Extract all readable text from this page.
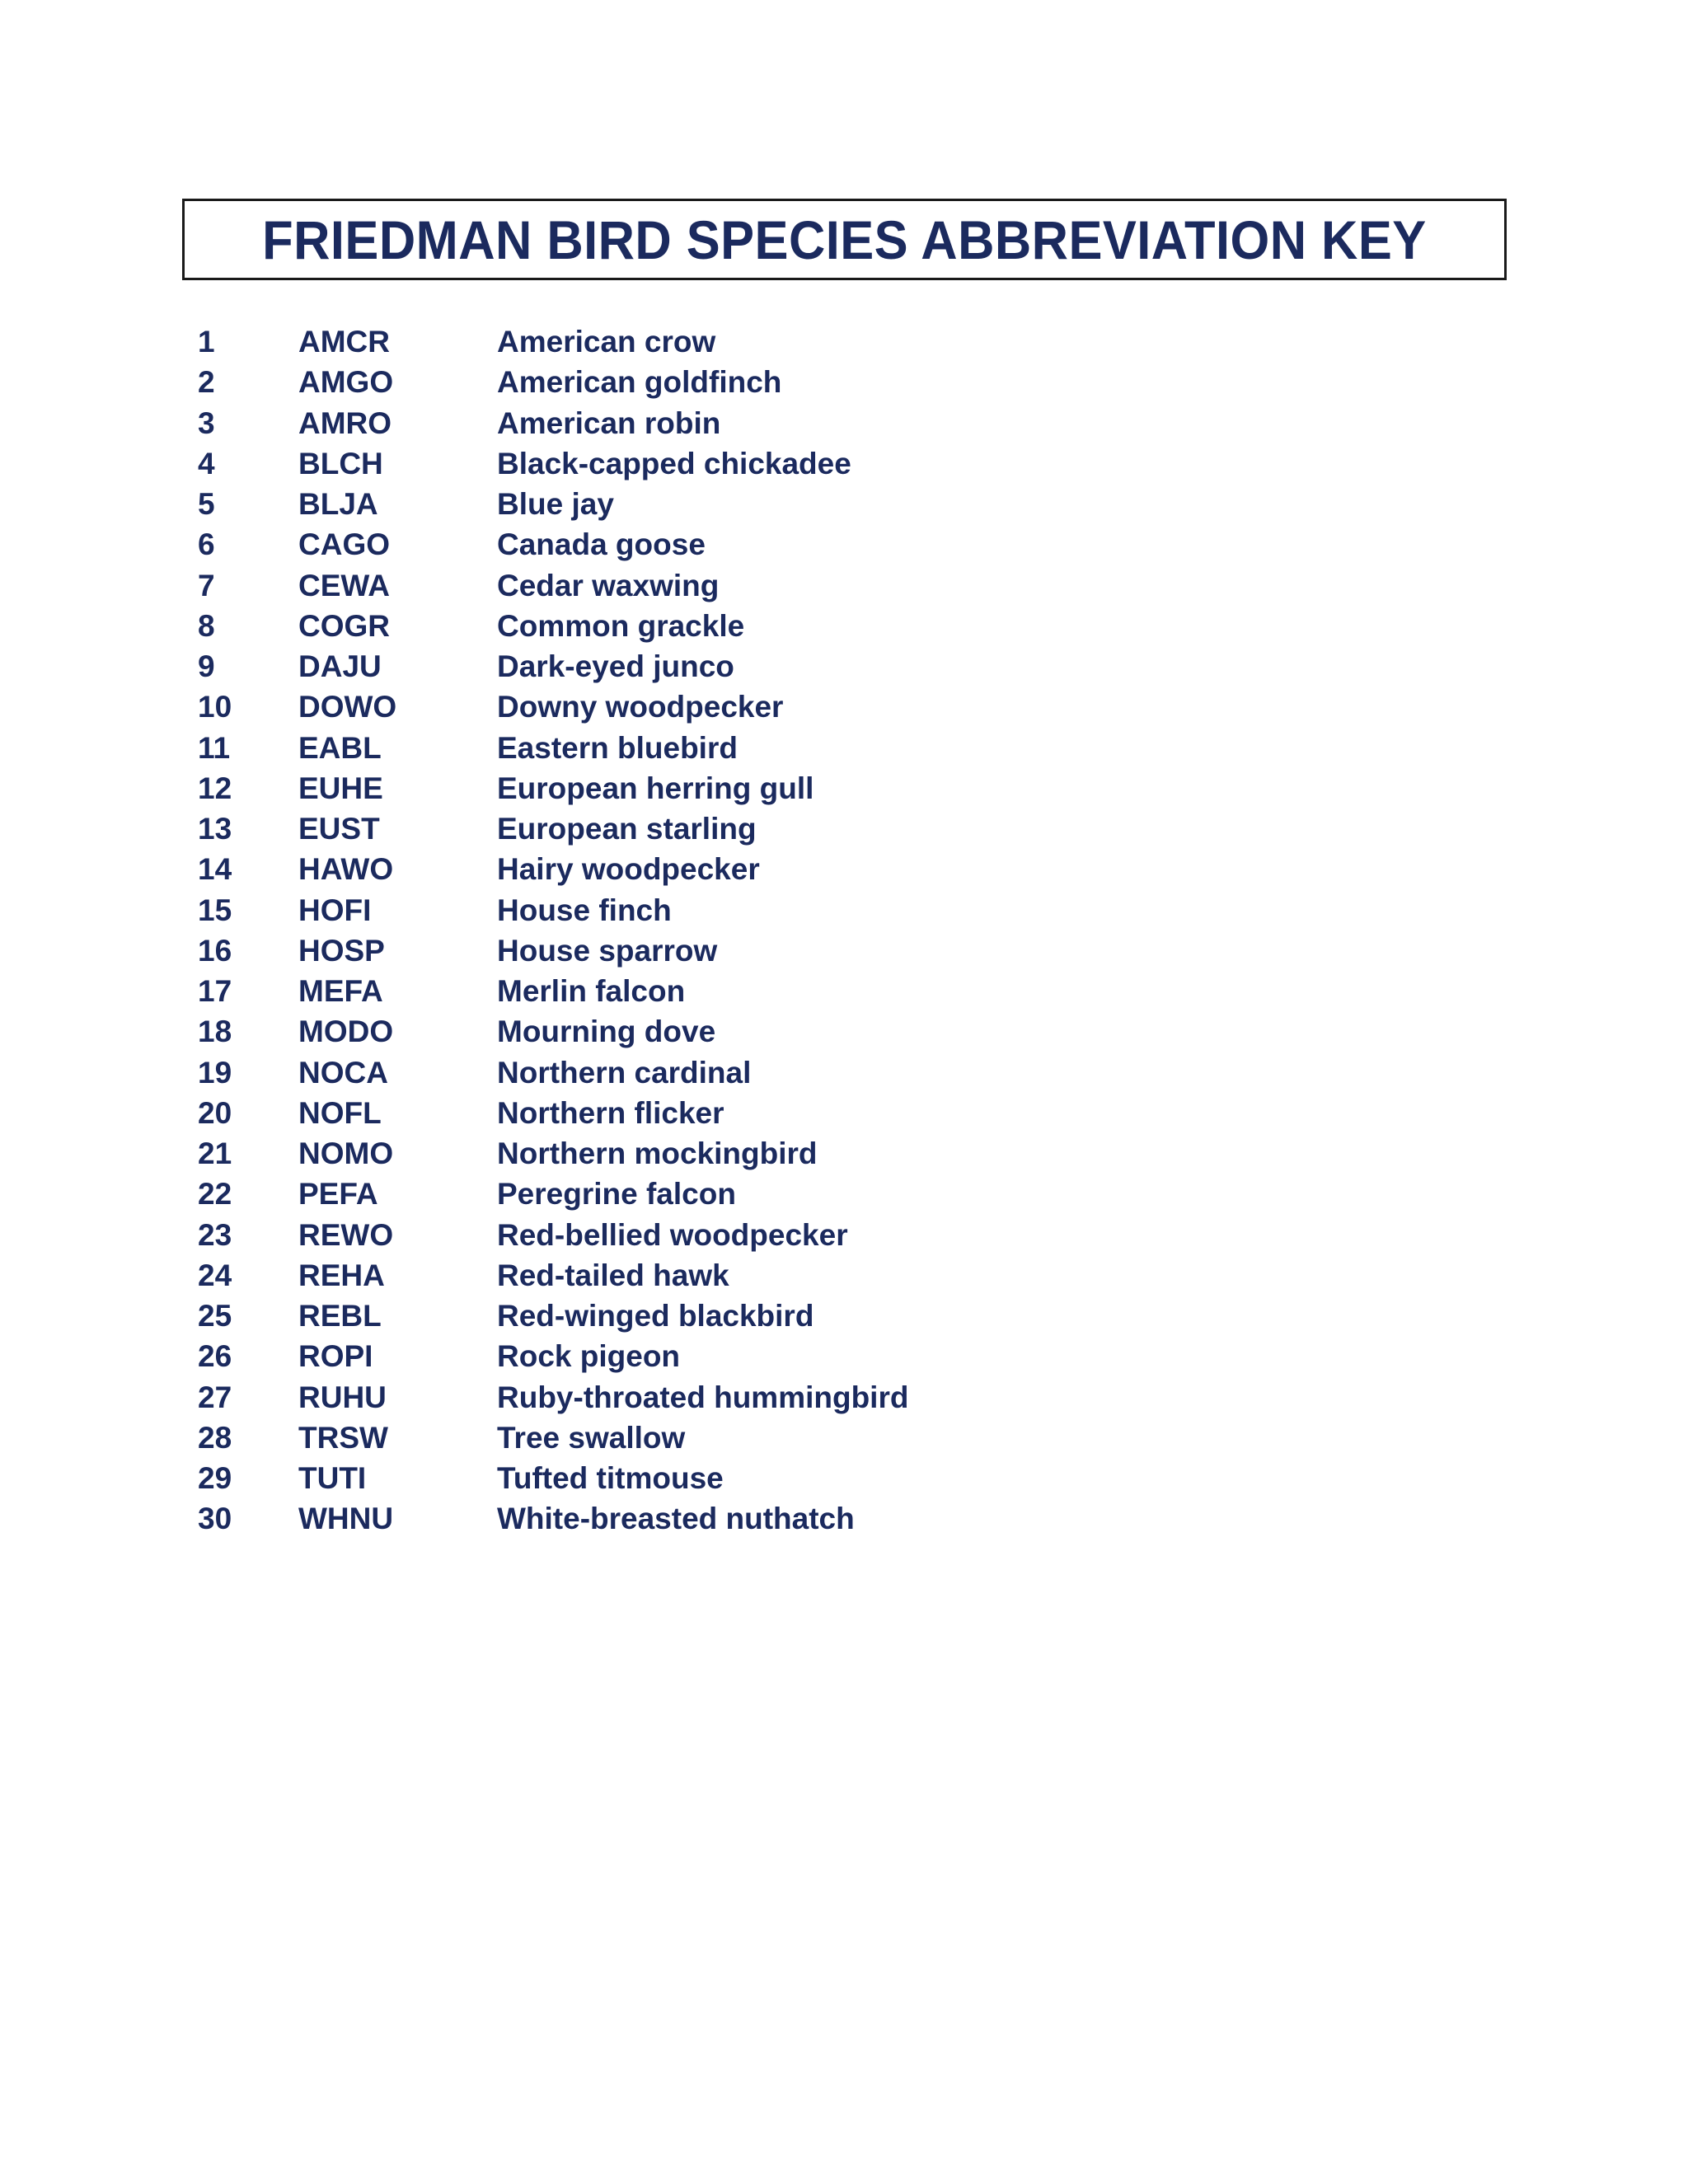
FRIEDMAN BIRD SPECIES ABBREVIATION KEY
1	AMCR	American crow
2	AMGO	American goldfinch
3	AMRO	American robin
4	BLCH	Black-capped chickadee
5	BLJA	Blue jay
6	CAGO	Canada goose
7	CEWA	Cedar waxwing
8	COGR	Common grackle
9	DAJU	Dark-eyed junco
10 DOWO	Downy woodpecker
11 EABL	Eastern bluebird
12 EUHE	European herring gull
13 EUST	European starling
14 HAWO	Hairy woodpecker
15 HOFI	House finch
16 HOSP	House sparrow
17 MEFA	Merlin falcon
18 MODO	Mourning dove
19 NOCA	Northern cardinal
20 NOFL	Northern flicker
21 NOMO	Northern mockingbird
22 PEFA	Peregrine falcon
23 REWO	Red-bellied woodpecker
24 REHA	Red-tailed hawk
25 REBL	Red-winged blackbird
26 ROPI	Rock pigeon
27 RUHU	Ruby-throated hummingbird
28 TRSW	Tree swallow
29 TUTI	Tufted titmouse
30 WHNU	White-breasted nuthatch
